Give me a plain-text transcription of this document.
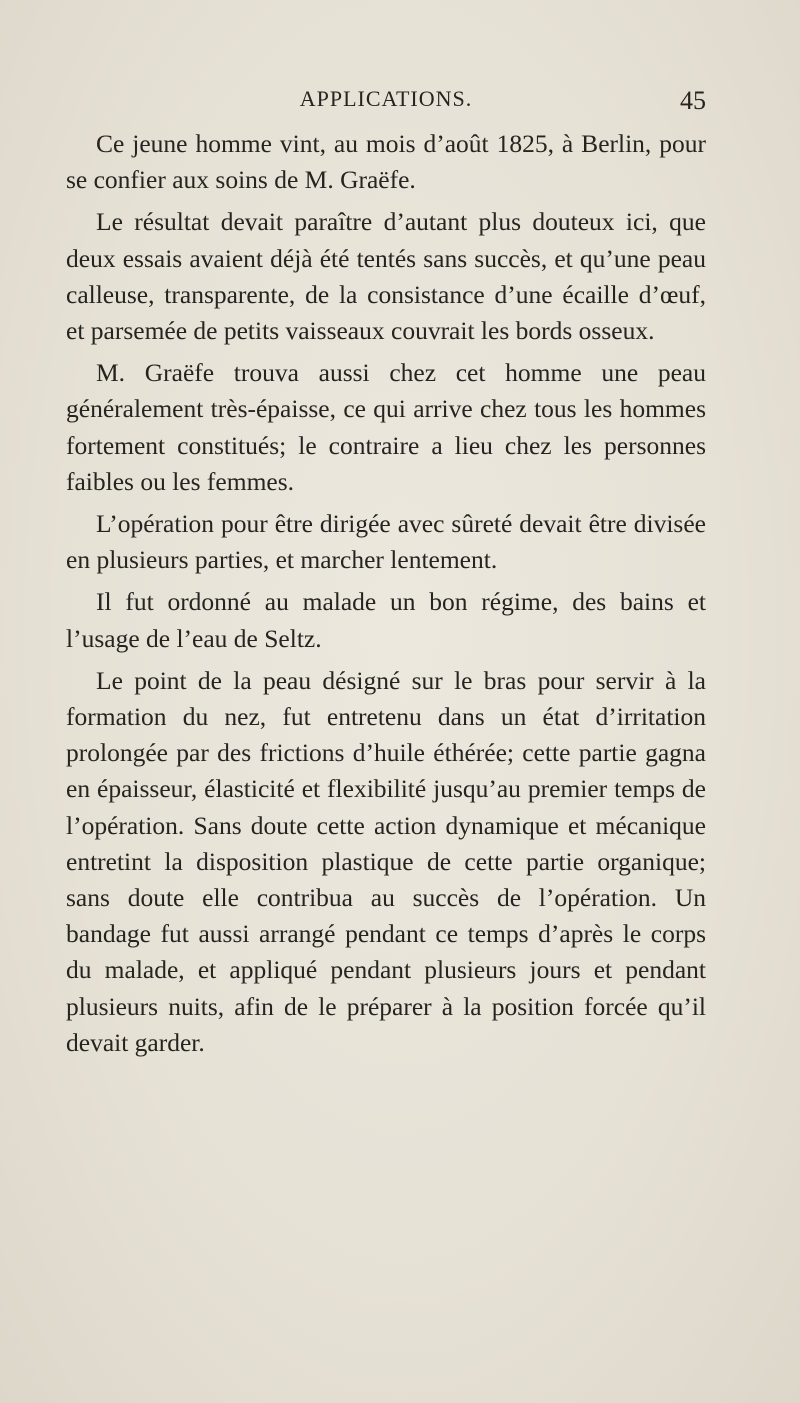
APPLICATIONS.	45

Ce jeune homme vint, au mois d’août 1825, à Berlin, pour se confier aux soins de M. Graëfe.

Le résultat devait paraître d’autant plus douteux ici, que deux essais avaient déjà été tentés sans succès, et qu’une peau calleuse, transparente, de la consistance d’une écaille d’œuf, et parsemée de petits vaisseaux couvrait les bords osseux.

M. Graëfe trouva aussi chez cet homme une peau généralement très-épaisse, ce qui arrive chez tous les hommes fortement constitués; le contraire a lieu chez les personnes faibles ou les femmes.

L’opération pour être dirigée avec sûreté devait être divisée en plusieurs parties, et marcher lentement.

Il fut ordonné au malade un bon régime, des bains et l’usage de l’eau de Seltz.

Le point de la peau désigné sur le bras pour servir à la formation du nez, fut entretenu dans un état d’irritation prolongée par des frictions d’huile éthérée; cette partie gagna en épaisseur, élasticité et flexibilité jusqu’au premier temps de l’opération. Sans doute cette action dynamique et mécanique entretint la disposition plastique de cette partie organique; sans doute elle contribua au succès de l’opération. Un bandage fut aussi arrangé pendant ce temps d’après le corps du malade, et appliqué pendant plusieurs jours et pendant plusieurs nuits, afin de le préparer à la position forcée qu’il devait garder.
